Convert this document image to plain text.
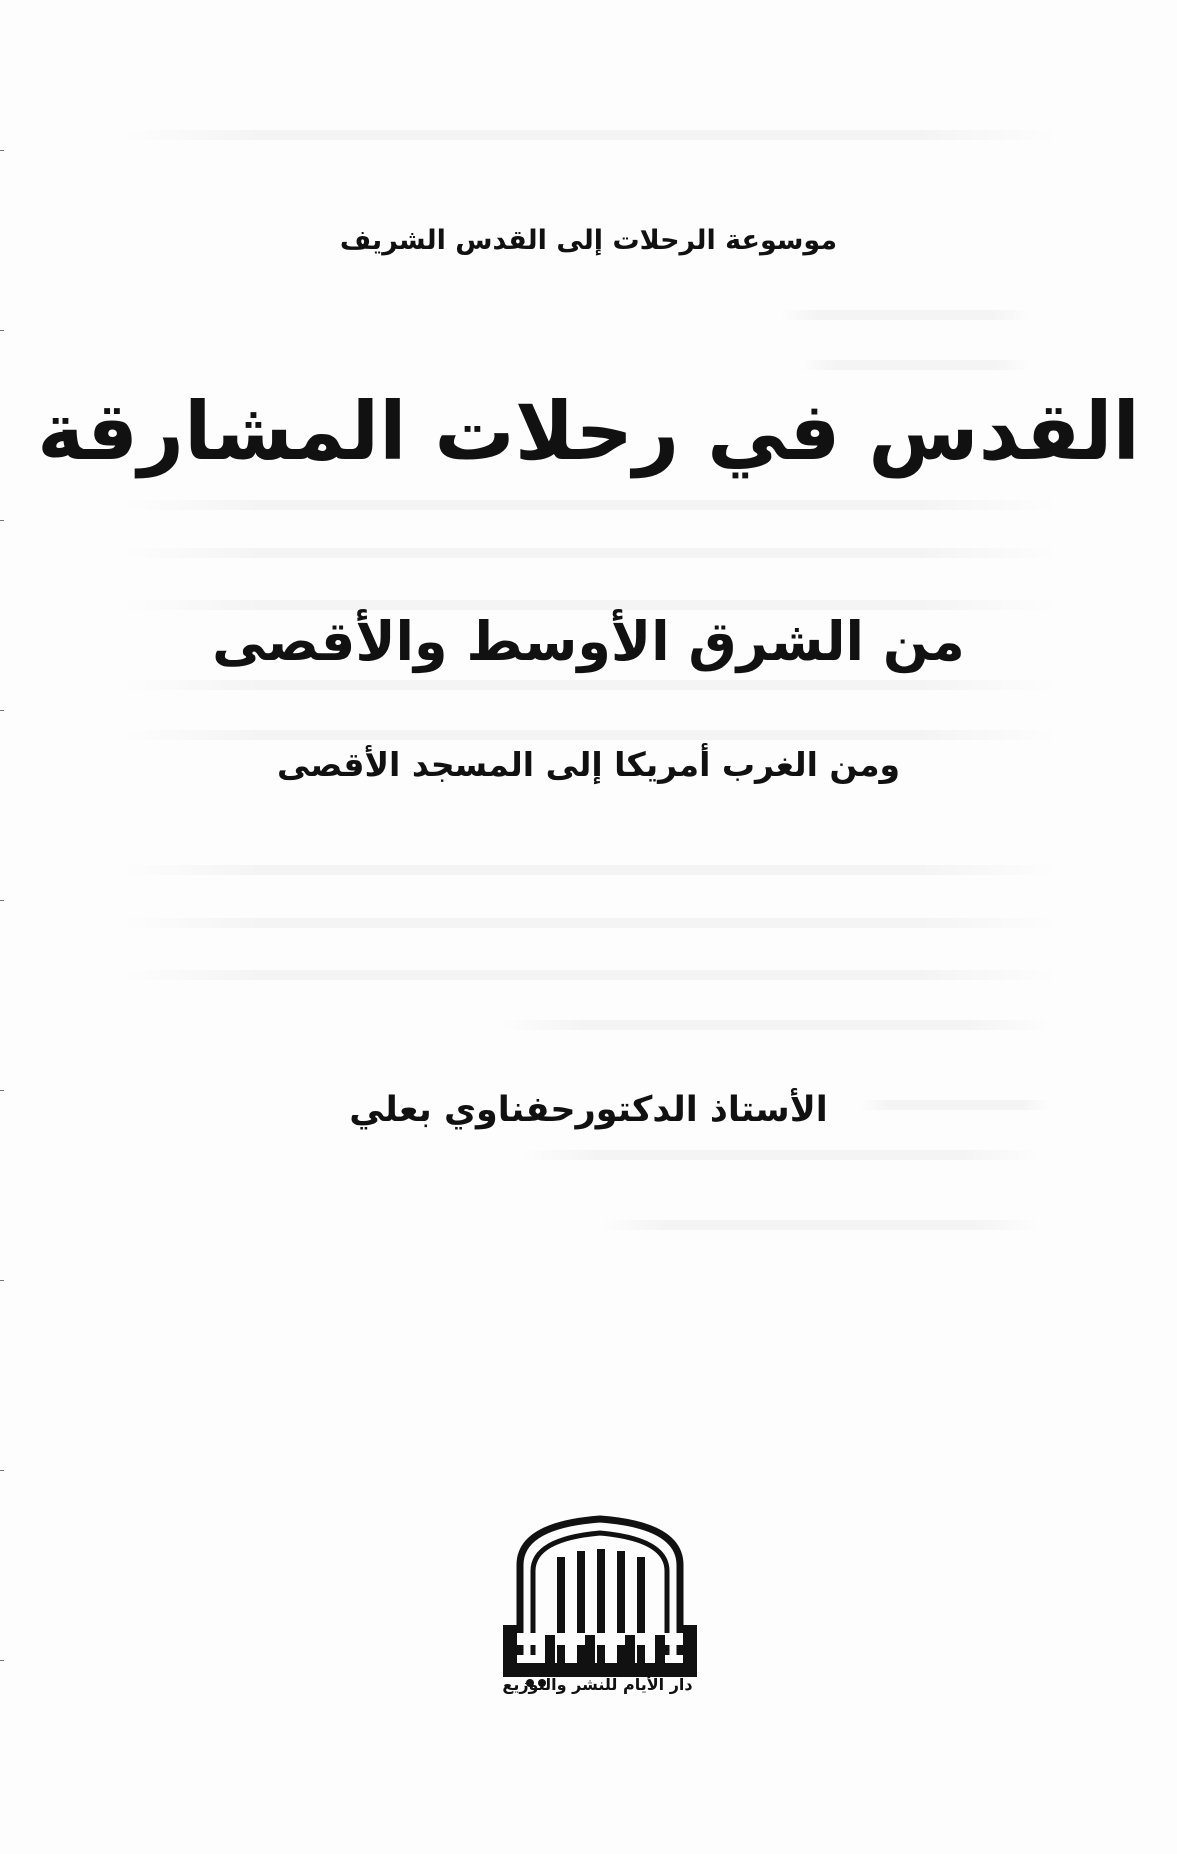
موسوعة الرحلات إلى القدس الشريف
القدس في رحلات المشارقة
من الشرق الأوسط والأقصى
ومن الغرب أمريكا إلى المسجد الأقصى
الأستاذ الدكتورحفناوي بعلي
دار الأيام للنشر والتوزيع
